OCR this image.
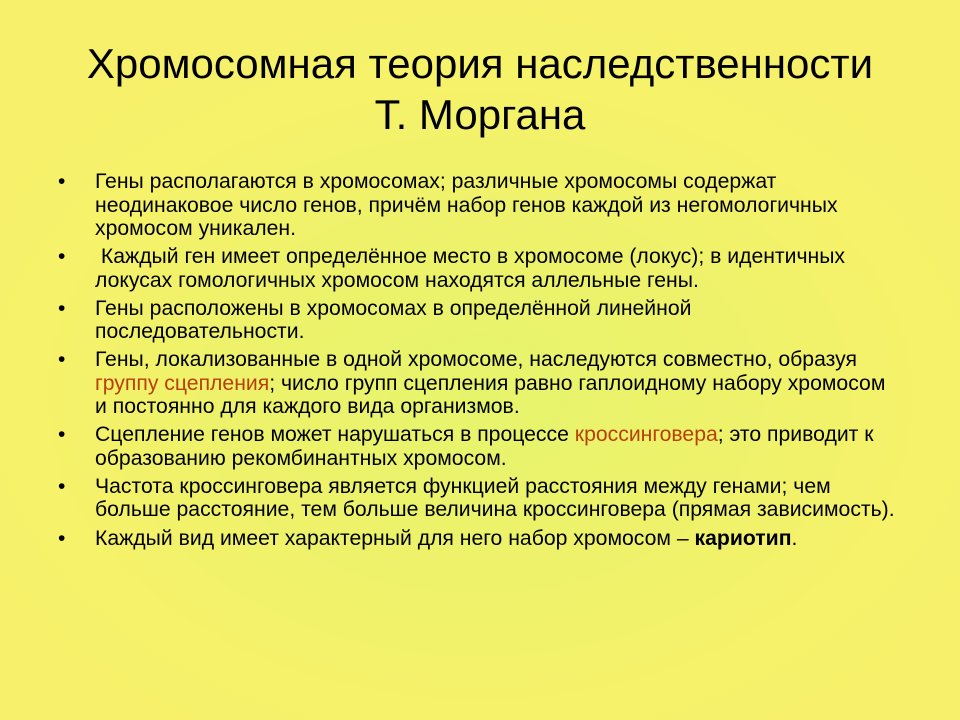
Хромосомная теория наследственности
Т. Моргана
• Гены располагаются в хромосомах; различные хромосомы содержат неодинаковое число генов, причём набор генов каждой из негомологичных хромосом уникален.
• Каждый ген имеет определённое место в хромосоме (локус); в идентичных локусах гомологичных хромосом находятся аллельные гены.
• Гены расположены в хромосомах в определённой линейной последовательности.
• Гены, локализованные в одной хромосоме, наследуются совместно, образуя группу сцепления; число групп сцепления равно гаплоидному набору хромосом и постоянно для каждого вида организмов.
• Сцепление генов может нарушаться в процессе кроссинговера; это приводит к образованию рекомбинантных хромосом.
• Частота кроссинговера является функцией расстояния между генами; чем больше расстояние, тем больше величина кроссинговера (прямая зависимость).
• Каждый вид имеет характерный для него набор хромосом – кариотип.
